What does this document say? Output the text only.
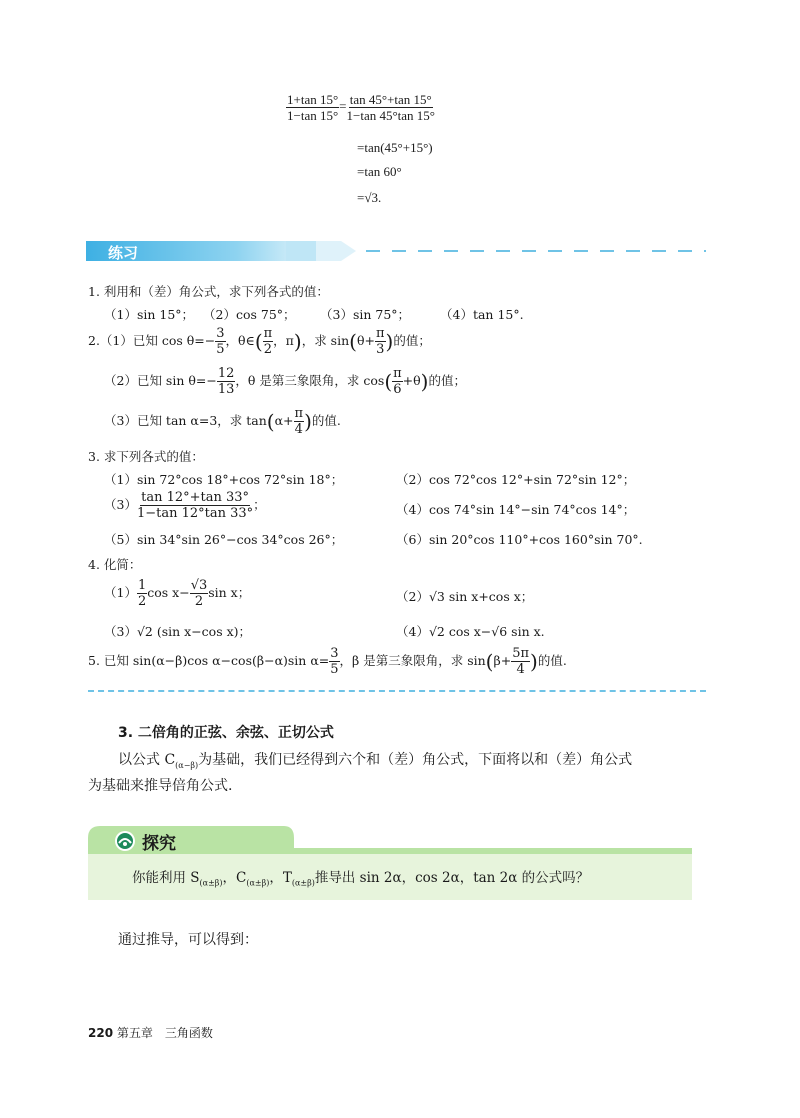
$\frac{1+\tan 15^\circ}{1-\tan 15^\circ} = \frac{\tan 45^\circ+\tan 15^\circ}{1-\tan 45^\circ\tan 15^\circ}$
=tan(45°+15°)
=tan 60°
=√3.
练习
1. 利用和（差）角公式，求下列各式的值：
（1）sin 15°； （2）cos 75°； （3）sin 75°； （4）tan 15°.
2.（1）已知 $\cos \theta=- \frac{3}{5}$ ，θ∈( $\frac{\pi}{2}$ ，π)，求 $\sin(\theta+ \frac{\pi}{3}$ )的值；
（2）已知 $\sin \theta=- \frac{12}{13}$ ，θ 是第三象限角，求 $\cos( \frac{\pi}{6} +\theta)$的值；
（3）已知 tan α=3，求 $\tan(\alpha+ \frac{\pi}{4}$ )的值.
3. 求下列各式的值：
（1）sin 72°cos 18°+cos 72°sin 18°；	（2）cos 72°cos 12°+sin 72°sin 12°；
$(3) \frac{\tan 12^\circ+\tan 33^\circ}{1-\tan 12^\circ\tan 33^\circ}$ ；	（4）cos 74°sin 14°−sin 74°cos 14°；
（5）sin 34°sin 26°−cos 34°cos 26°；	（6）sin 20°cos 110°+cos 160°sin 70°.
4. 化简：
$(1) \frac{1}{2}$ $\cos x- \frac{√3}{2}$ sin x；	（2）√3 sin x+cos x；
（3）√2 (sin x−cos x)；	（4）√2 cos x−√6 sin x.
5. 已知 sin(α−β)cos α−cos(β−α)sin $\alpha= \frac{3}{5}$ ，β 是第三象限角，求 $\sin(\beta+ \frac{5\pi}{4}$ )的值.
3. 二倍角的正弦、余弦、正切公式
以公式 $C_{(\alpha-\beta)}$为基础，我们已经得到六个和（差）角公式，下面将以和（差）角公式
为基础来推导倍角公式.
探究
你能利用 $S_{(\alpha\pm\beta)}$，$C_{(\alpha\pm\beta)}$，$T_{(\alpha\pm\beta)}$推导出 sin 2α，cos 2α，tan 2α 的公式吗？
通过推导，可以得到：
220 第五章　三角函数
